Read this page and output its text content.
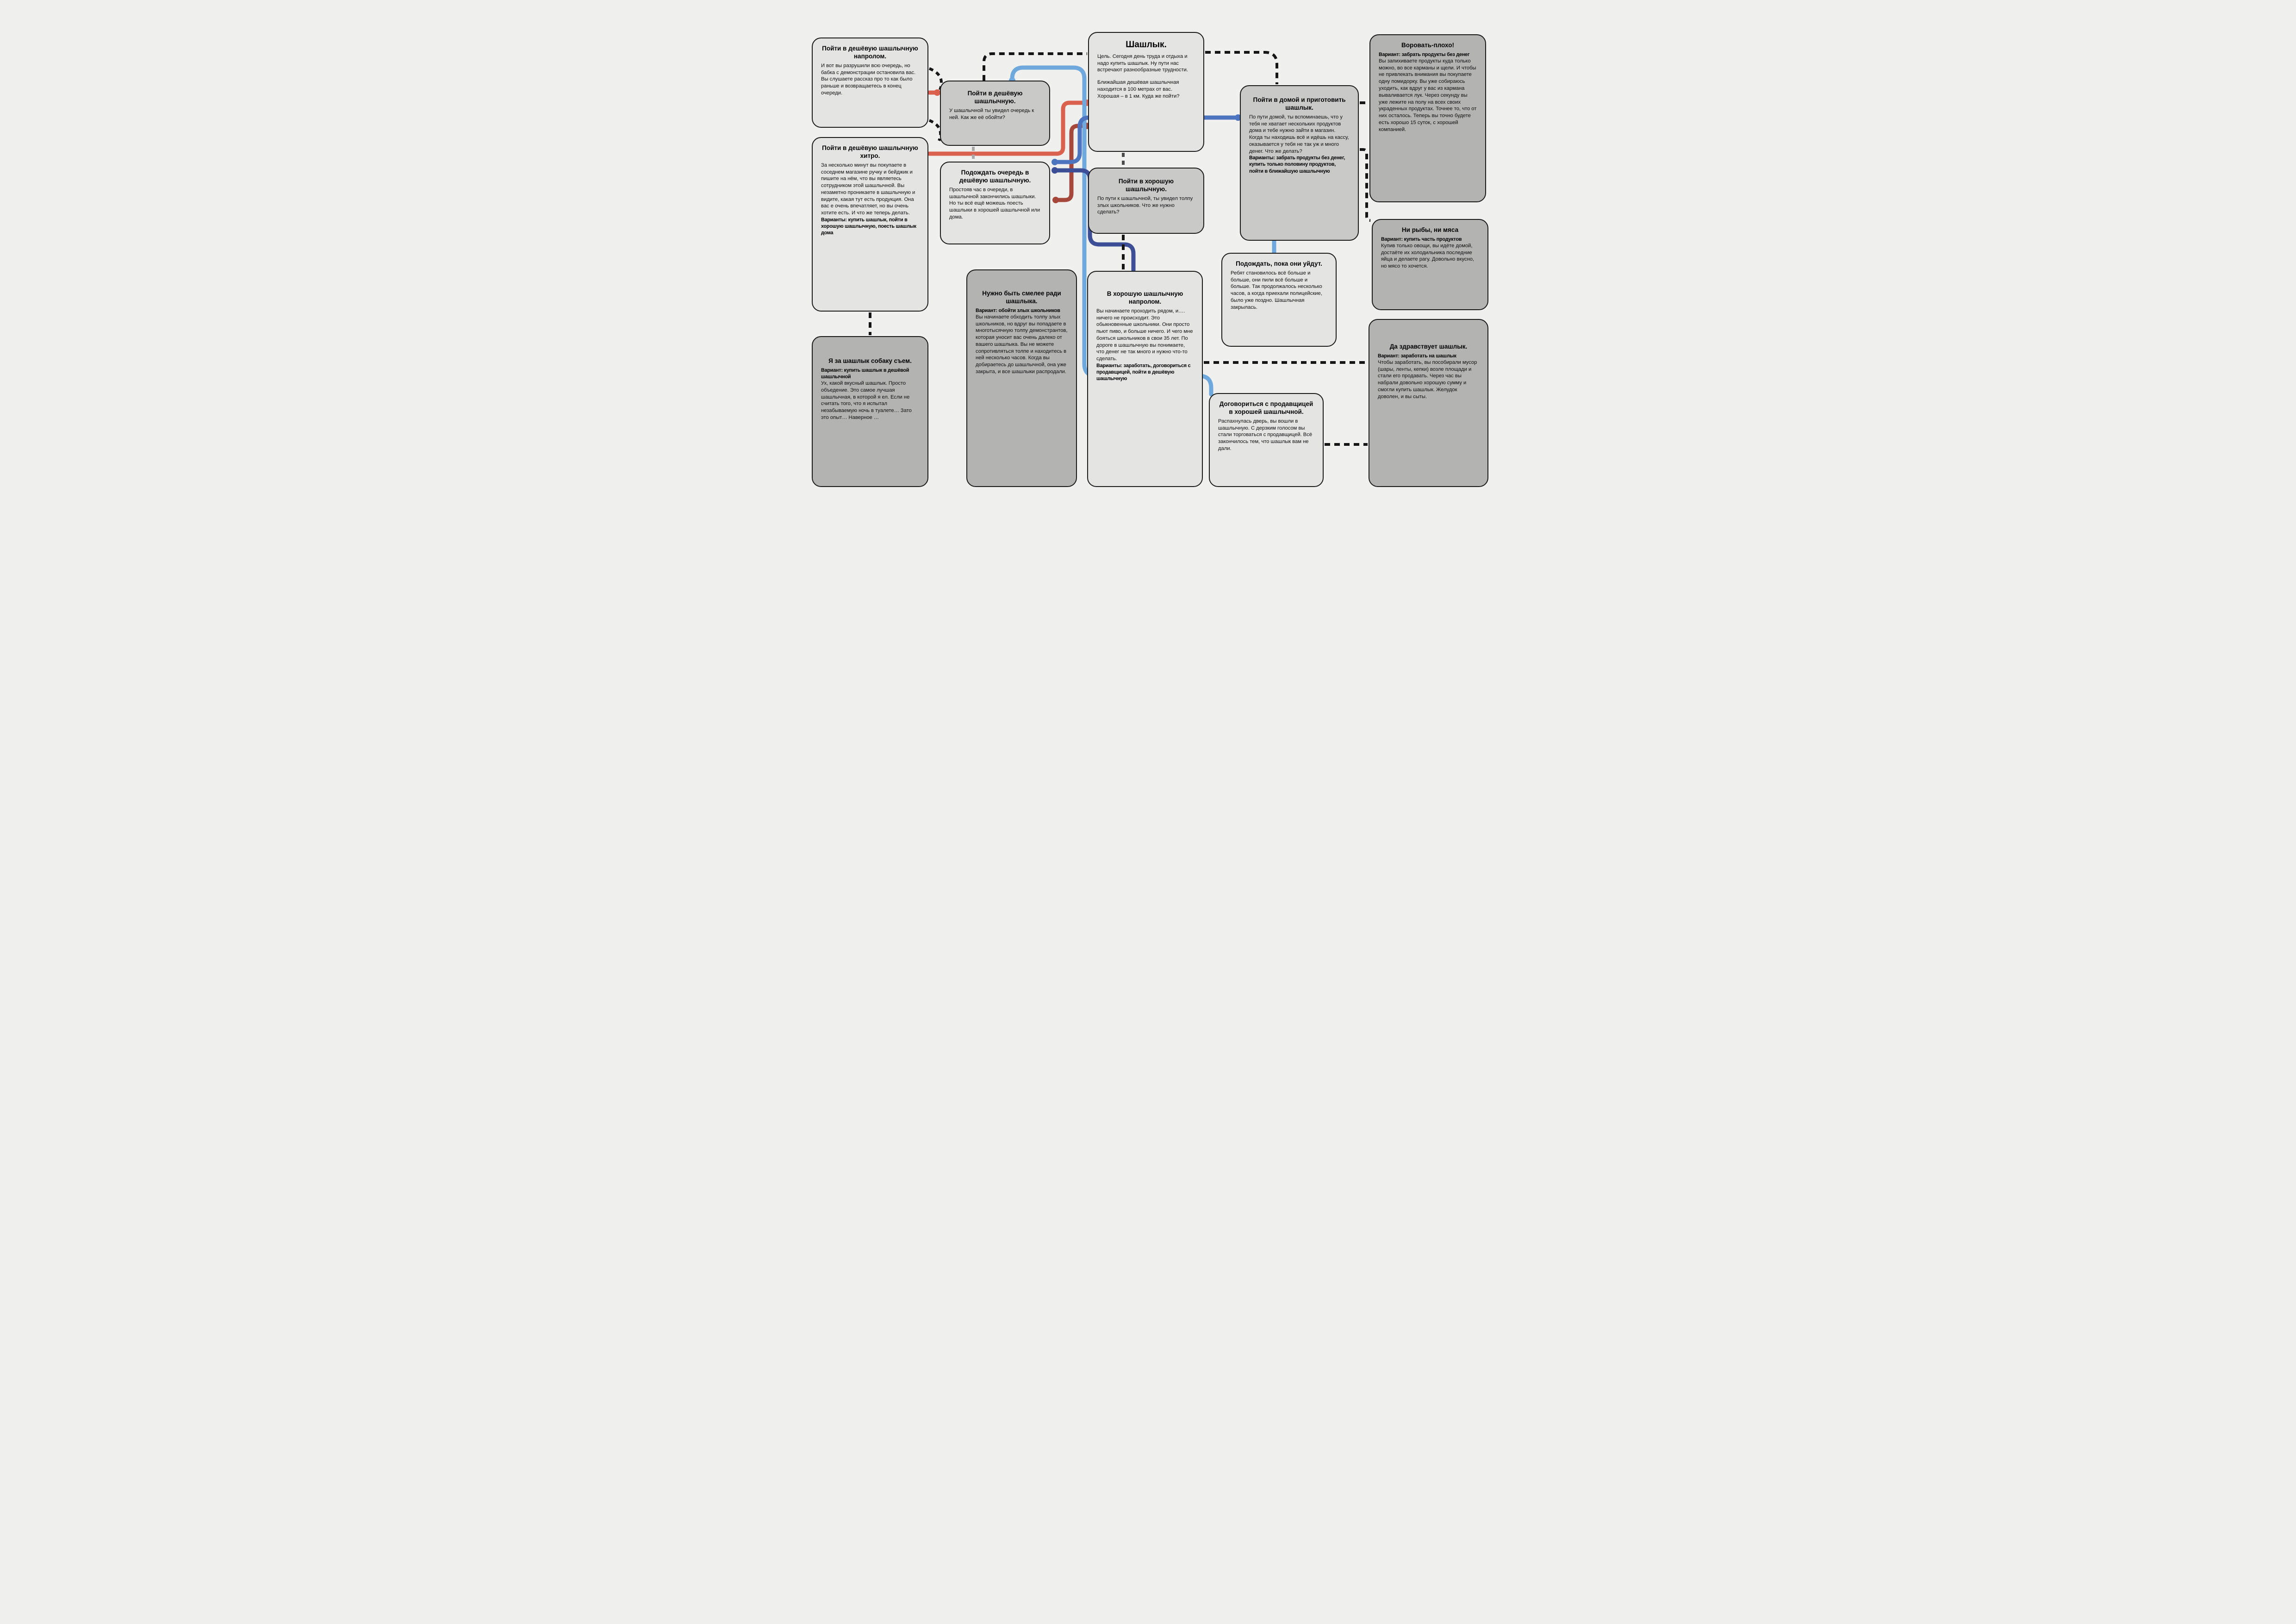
Пойти в дешёвую шашлычную напролом.
И вот вы разрушили всю очередь, но бабка с демонстрации остановила вас. Вы слушаете рассказ про то как было раньше и возвращаетесь в конец очереди.
Пойти в дешёвую шашлычную хитро.
За несколько минут вы покупаете в соседнем магазине ручку и бейджик и пишите на нём, что вы являетесь сотрудником этой шашлычной. Вы незаметно проникаете в шашлычную и видите, какая тут есть продукция. Она вас е очень впечатляет, но вы очень хотите есть. И что же теперь делать.
Варианты: купить шашлык, пойти в хорошую шашлычную, поесть шашлык дома
Я за шашлык собаку съем.
Вариант: купить шашлык в дешёвой шашлычной
Ух, какой вкусный шашлык. Просто объедение. Это самое лучшая шашлычная, в которой я ел. Если не считать того, что я испытал незабываемую ночь в туалете… Зато это опыт… Наверное …
Пойти в дешёвую шашлычную.
У шашлычной ты увидел очередь к ней. Как же её обойти?
Подождать очередь в дешёвую шашлычную.
Простояв час в очереди, в шашлычной закончились шашлыки. Но ты всё ещё можешь поесть шашлыки в хорошей шашлычной или дома.
Шашлык.
Цель. Сегодня день труда и отдыха и надо купить шашлык. Ну пути нас встречают разнообразные трудности.
Ближайшая дешёвая шашлычная находится в 100 метрах от вас. Хорошая – в 1 км. Куда же пойти?
Пойти в хорошую шашлычную.
По пути к шашлычной, ты увидел толпу злых школьников. Что же нужно сделать?
Пойти в домой и приготовить шашлык.
По пути домой, ты вспоминаешь, что у тебя не хватает нескольких продуктов дома и тебе нужно зайти в магазин. Когда ты находишь всё и идёшь на кассу, оказывается у тебя не так уж и много денег. Что же делать?
Варианты: забрать продукты без денег, купить только половину продуктов, пойти в ближайшую шашлычную
Воровать-плохо!
Вариант: забрать продукты без денег
Вы запихиваете продукты куда только можно, во все карманы и щели. И чтобы не привлекать внимания вы покупаете одну помидорку. Вы уже собираюсь уходить, как вдруг у вас из кармана вываливается лук. Через секунду вы уже лежите на полу на всех своих украденных продуктах. Точнее то, что от них осталось. Теперь вы точно будете есть хорошо 15 суток, с хорошей компанией.
Ни рыбы, ни мяса
Вариант: купить часть продуктов
Купив только овощи, вы идёте домой, достаёте их холодильника последние яйца и делаете рагу. Довольно вкусно, но мясо то хочется.
Подождать, пока они уйдут.
Ребят становилось всё больше и больше, они пили всё больше и больше. Так продолжалось несколько часов, а когда приехали полицейские, было уже поздно. Шашлычная закрылась.
Нужно быть смелее ради шашлыка.
Вариант: обойти злых школьников
Вы начинаете обходить толпу злых школьников, но вдруг вы попадаете в многотысячную толпу демонстрантов, которая уносит вас очень далеко от вашего шашлыка. Вы не можете сопротивляться толпе и находитесь в ней несколько часов. Когда вы добираетесь до шашлычной, она уже закрыта, и все шашлыки распродали.
В хорошую шашлычную напролом.
Вы начинаете проходить рядом, и…. ничего не происходит. Это обыкновенные школьники. Они просто пьют пиво, и больше ничего. И чего мне бояться школьников в свои 35 лет. По дороге в шашлычную вы понимаете, что денег не так много и нужно что-то сделать.
Варианты: заработать, договориться с продавщицей, пойти в дешёвую шашлычную
Договориться с продавщицей в хорошей шашлычной.
Распахнулась дверь, вы вошли в шашлычную. С дерзким голосом вы стали торговаться с продавщицей. Всё закончилось тем, что шашлык вам не дали.
Да здравствует шашлык.
Вариант: заработать на шашлык
Чтобы заработать, вы пособирали мусор (шары, ленты, кепки) возле площади и стали его продавать. Через час вы набрали довольно хорошую сумму и смогли купить шашлык. Желудок доволен, и вы сыты.
